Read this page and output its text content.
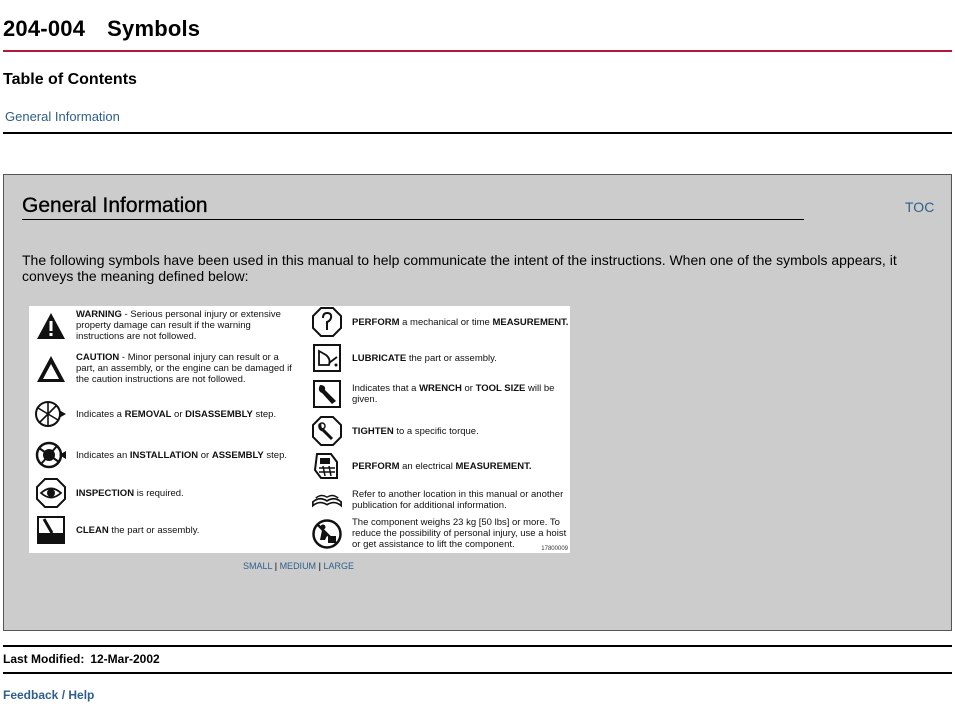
204-004 Symbols
Table of Contents
General Information
General Information	TOC

The following symbols have been used in this manual to help communicate the intent of the instructions. When one of the symbols appears, it conveys the meaning defined below:

WARNING - Serious personal injury or extensive property damage can result if the warning instructions are not followed.
CAUTION - Minor personal injury can result or a part, an assembly, or the engine can be damaged if the caution instructions are not followed.
Indicates a REMOVAL or DISASSEMBLY step.
Indicates an INSTALLATION or ASSEMBLY step.
INSPECTION is required.
CLEAN the part or assembly.
PERFORM a mechanical or time MEASUREMENT.
LUBRICATE the part or assembly.
Indicates that a WRENCH or TOOL SIZE will be given.
TIGHTEN to a specific torque.
PERFORM an electrical MEASUREMENT.
Refer to another location in this manual or another publication for additional information.
The component weighs 23 kg [50 lbs] or more. To reduce the possibility of personal injury, use a hoist or get assistance to lift the component.	17800009
SMALL | MEDIUM | LARGE
Last Modified: 12-Mar-2002
Feedback / Help
